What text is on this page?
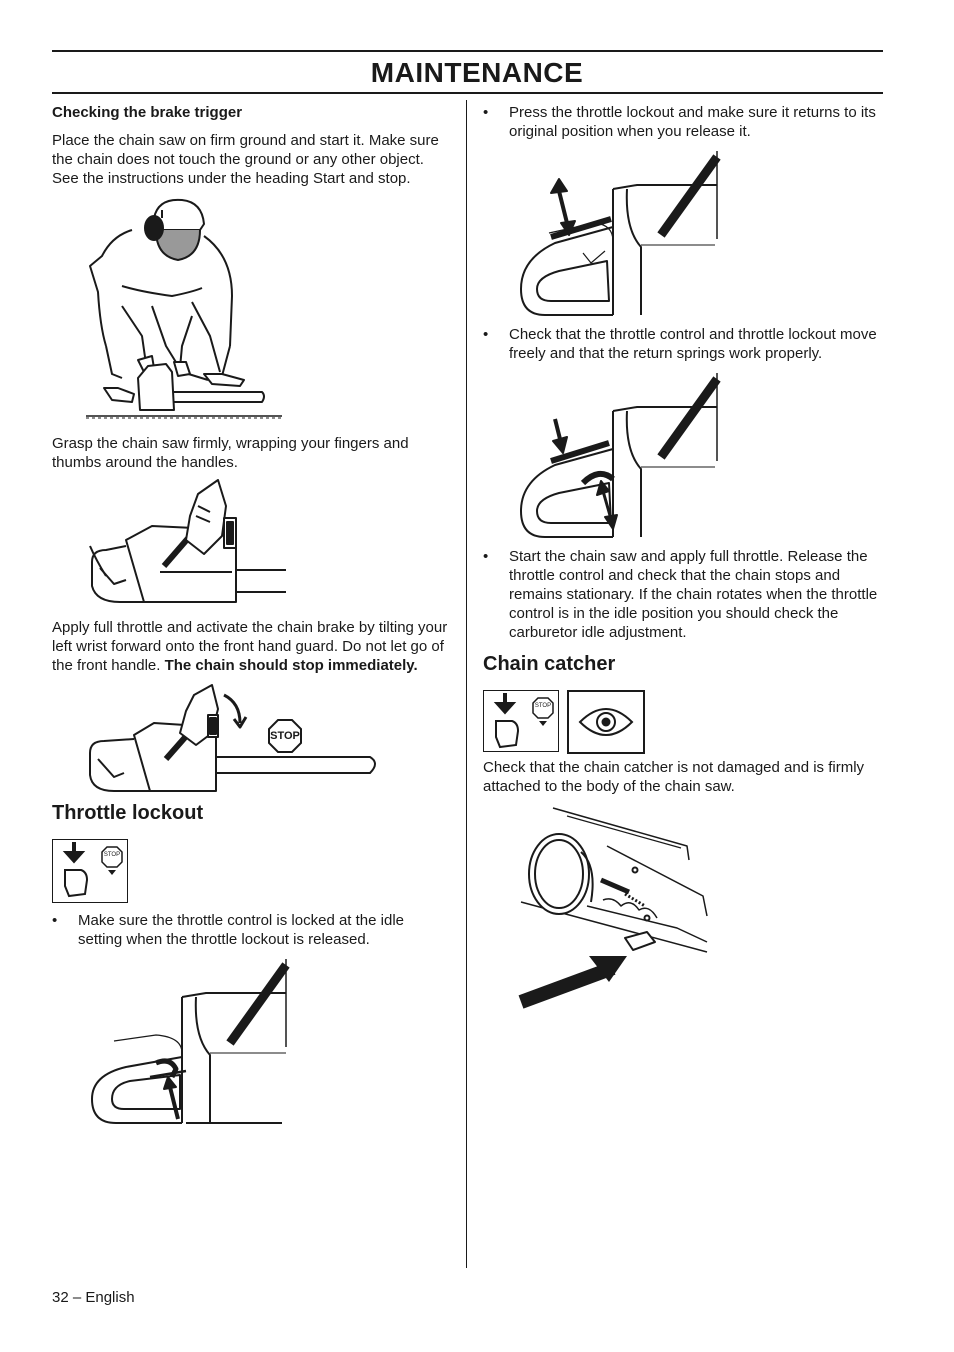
MAINTENANCE

Checking the brake trigger

Place the chain saw on firm ground and start it. Make sure the chain does not touch the ground or any other object. See the instructions under the heading Start and stop.

Grasp the chain saw firmly, wrapping your fingers and thumbs around the handles.

Apply full throttle and activate the chain brake by tilting your left wrist forward onto the front hand guard. Do not let go of the front handle. The chain should stop immediately.

STOP

Throttle lockout

STOP

• Make sure the throttle control is locked at the idle setting when the throttle lockout is released.

• Press the throttle lockout and make sure it returns to its original position when you release it.

• Check that the throttle control and throttle lockout move freely and that the return springs work properly.

• Start the chain saw and apply full throttle. Release the throttle control and check that the chain stops and remains stationary. If the chain rotates when the throttle control is in the idle position you should check the carburetor idle adjustment.

Chain catcher

STOP

Check that the chain catcher is not damaged and is firmly attached to the body of the chain saw.

32 – English
